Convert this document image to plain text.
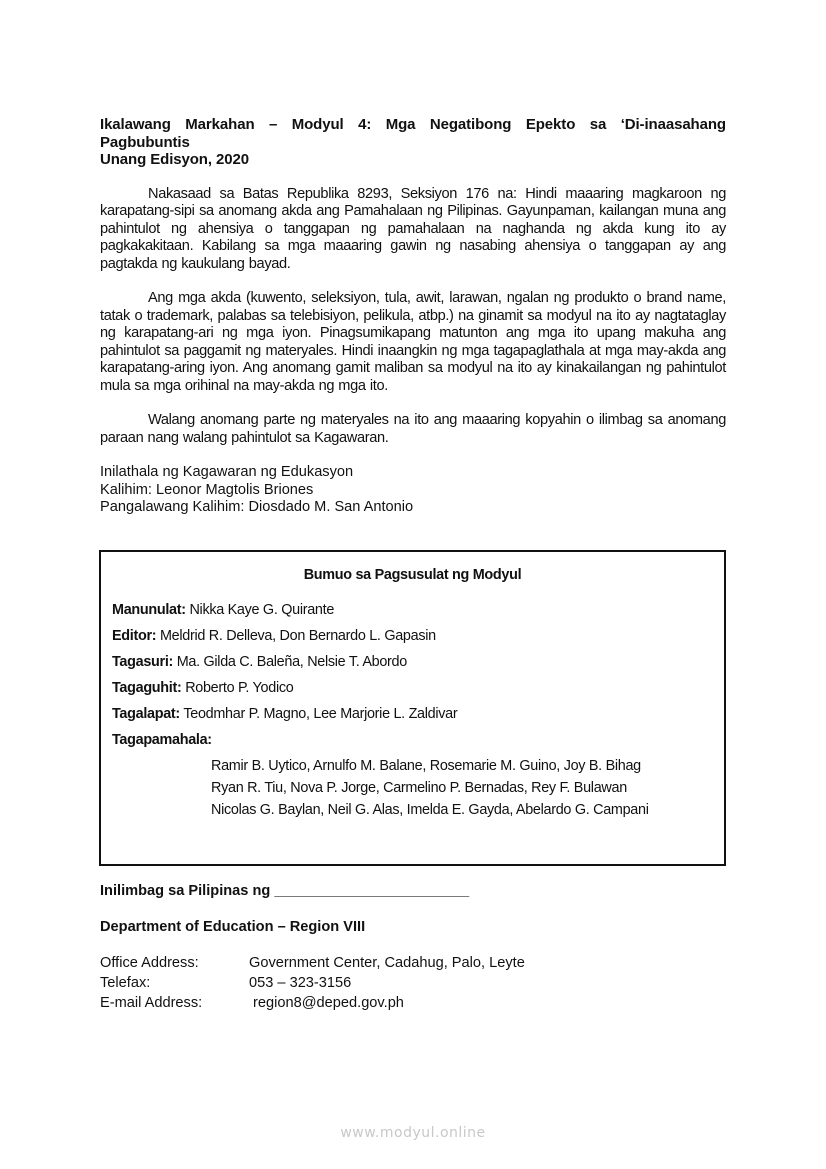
Ikalawang Markahan – Modyul 4: Mga Negatibong Epekto sa ‘Di-inaasahang
Pagbubuntis
Unang Edisyon, 2020
Nakasaad sa Batas Republika 8293, Seksiyon 176 na: Hindi maaaring magkaroon ng karapatang-sipi sa anomang akda ang Pamahalaan ng Pilipinas. Gayunpaman, kailangan muna ang pahintulot ng ahensiya o tanggapan ng pamahalaan na naghanda ng akda kung ito ay pagkakakitaan. Kabilang sa mga maaaring gawin ng nasabing ahensiya o tanggapan ay ang pagtakda ng kaukulang bayad.
Ang mga akda (kuwento, seleksiyon, tula, awit, larawan, ngalan ng produkto o brand name, tatak o trademark, palabas sa telebisiyon, pelikula, atbp.) na ginamit sa modyul na ito ay nagtataglay ng karapatang-ari ng mga iyon. Pinagsumikapang matunton ang mga ito upang makuha ang pahintulot sa paggamit ng materyales. Hindi inaangkin ng mga tagapaglathala at mga may-akda ang karapatang-aring iyon. Ang anomang gamit maliban sa modyul na ito ay kinakailangan ng pahintulot mula sa mga orihinal na may-akda ng mga ito.
Walang anomang parte ng materyales na ito ang maaaring kopyahin o ilimbag sa anomang paraan nang walang pahintulot sa Kagawaran.
Inilathala ng Kagawaran ng Edukasyon
Kalihim: Leonor Magtolis Briones
Pangalawang Kalihim: Diosdado M. San Antonio
Bumuo sa Pagsusulat ng Modyul
Manunulat: Nikka Kaye G. Quirante
Editor: Meldrid R. Delleva, Don Bernardo L. Gapasin
Tagasuri: Ma. Gilda C. Baleña, Nelsie T. Abordo
Tagaguhit: Roberto P. Yodico
Tagalapat: Teodmhar P. Magno, Lee Marjorie L. Zaldivar
Tagapamahala:
Ramir B. Uytico, Arnulfo M. Balane, Rosemarie M. Guino, Joy B. Bihag
Ryan R. Tiu, Nova P. Jorge, Carmelino P. Bernadas, Rey F. Bulawan
Nicolas G. Baylan, Neil G. Alas, Imelda E. Gayda, Abelardo G. Campani
Inilimbag sa Pilipinas ng ________________________
Department of Education – Region VIII
Office Address:	Government Center, Cadahug, Palo, Leyte
Telefax:	053 – 323-3156
E-mail Address:	region8@deped.gov.ph
www.modyul.online
